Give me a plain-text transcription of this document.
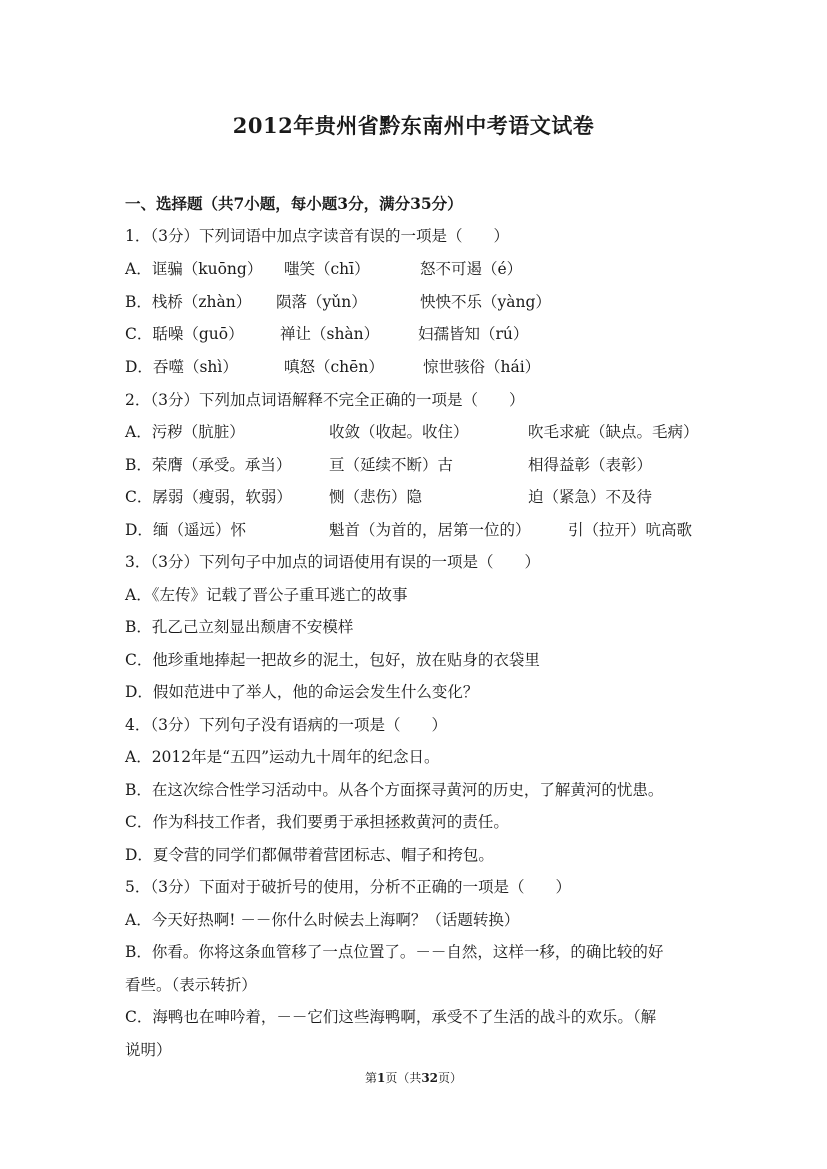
2012年贵州省黔东南州中考语文试卷
一、选择题（共7小题，每小题3分，满分35分）
1．（3分）下列词语中加点字读音有误的一项是（　　）
A．诓骗（kuōng） 嗤笑（chī）	怒不可遏（é）
B．栈桥（zhàn） 陨落（yǔn）	怏怏不乐（yàng）
C．聒噪（guō） 禅让（shàn）	妇孺皆知（rú）
D．吞噬（shì）	嗔怒（chēn）	惊世骇俗（hái）
2．（3分）下列加点词语解释不完全正确的一项是（　　）
A．污秽（肮脏）	收敛（收起。收住）	吹毛求疵（缺点。毛病）
B．荣膺（承受。承当） 亘（延续不断）古	相得益彰（表彰）
C．孱弱（瘦弱，软弱） 恻（悲伤）隐	迫（紧急）不及待
D．缅（遥远）怀	魁首（为首的，居第一位的） 引（拉开）吭高歌
3．（3分）下列句子中加点的词语使用有误的一项是（　　）
A．《左传》记载了晋公子重耳逃亡的故事
B．孔乙己立刻显出颓唐不安模样
C．他珍重地捧起一把故乡的泥土，包好，放在贴身的衣袋里
D．假如范进中了举人，他的命运会发生什么变化？
4．（3分）下列句子没有语病的一项是（　　）
A．2012年是“五四”运动九十周年的纪念日。
B．在这次综合性学习活动中。从各个方面探寻黄河的历史，了解黄河的忧患。
C．作为科技工作者，我们要勇于承担拯救黄河的责任。
D．夏令营的同学们都佩带着营团标志、帽子和挎包。
5．（3分）下面对于破折号的使用，分析不正确的一项是（　　）
A．今天好热啊! －－你什么时候去上海啊？（话题转换）
B．你看。你将这条血管移了一点位置了。－－自然，这样一移，的确比较的好
看些。（表示转折）
C．海鸭也在呻吟着，－－它们这些海鸭啊，承受不了生活的战斗的欢乐。（解
说明）
第1页（共32页）
